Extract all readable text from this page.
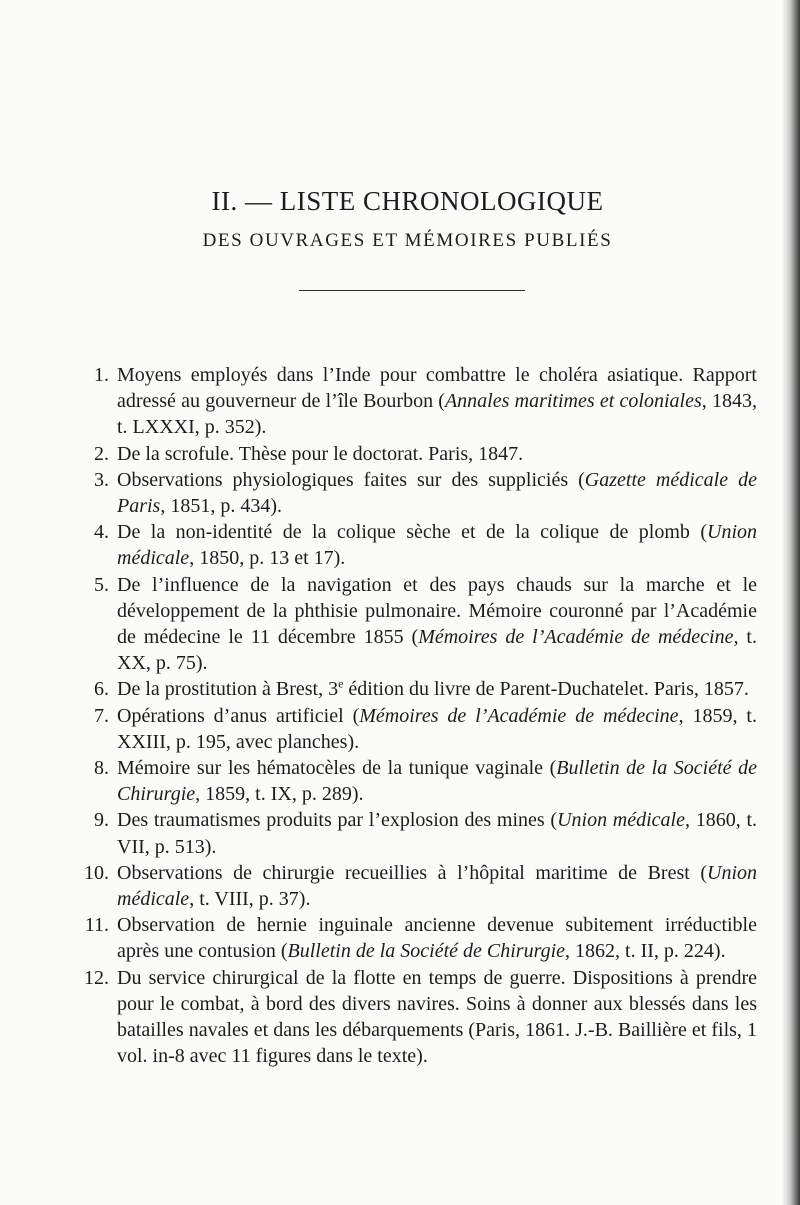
II. — LISTE CHRONOLOGIQUE
DES OUVRAGES ET MÉMOIRES PUBLIÉS
1. Moyens employés dans l’Inde pour combattre le choléra asiatique. Rapport adressé au gouverneur de l’île Bourbon (Annales maritimes et coloniales, 1843, t. LXXXI, p. 352).
2. De la scrofule. Thèse pour le doctorat. Paris, 1847.
3. Observations physiologiques faites sur des suppliciés (Gazette médicale de Paris, 1851, p. 434).
4. De la non-identité de la colique sèche et de la colique de plomb (Union médicale, 1850, p. 13 et 17).
5. De l’influence de la navigation et des pays chauds sur la marche et le développement de la phthisie pulmonaire. Mémoire couronné par l’Académie de médecine le 11 décembre 1855 (Mémoires de l’Académie de médecine, t. XX, p. 75).
6. De la prostitution à Brest, 3e édition du livre de Parent-Duchatelet. Paris, 1857.
7. Opérations d’anus artificiel (Mémoires de l’Académie de médecine, 1859, t. XXIII, p. 195, avec planches).
8. Mémoire sur les hématocèles de la tunique vaginale (Bulletin de la Société de Chirurgie, 1859, t. IX, p. 289).
9. Des traumatismes produits par l’explosion des mines (Union médicale, 1860, t. VII, p. 513).
10. Observations de chirurgie recueillies à l’hôpital maritime de Brest (Union médicale, t. VIII, p. 37).
11. Observation de hernie inguinale ancienne devenue subitement irréductible après une contusion (Bulletin de la Société de Chirurgie, 1862, t. II, p. 224).
12. Du service chirurgical de la flotte en temps de guerre. Dispositions à prendre pour le combat, à bord des divers navires. Soins à donner aux blessés dans les batailles navales et dans les débarquements (Paris, 1861. J.-B. Baillière et fils, 1 vol. in-8 avec 11 figures dans le texte).
